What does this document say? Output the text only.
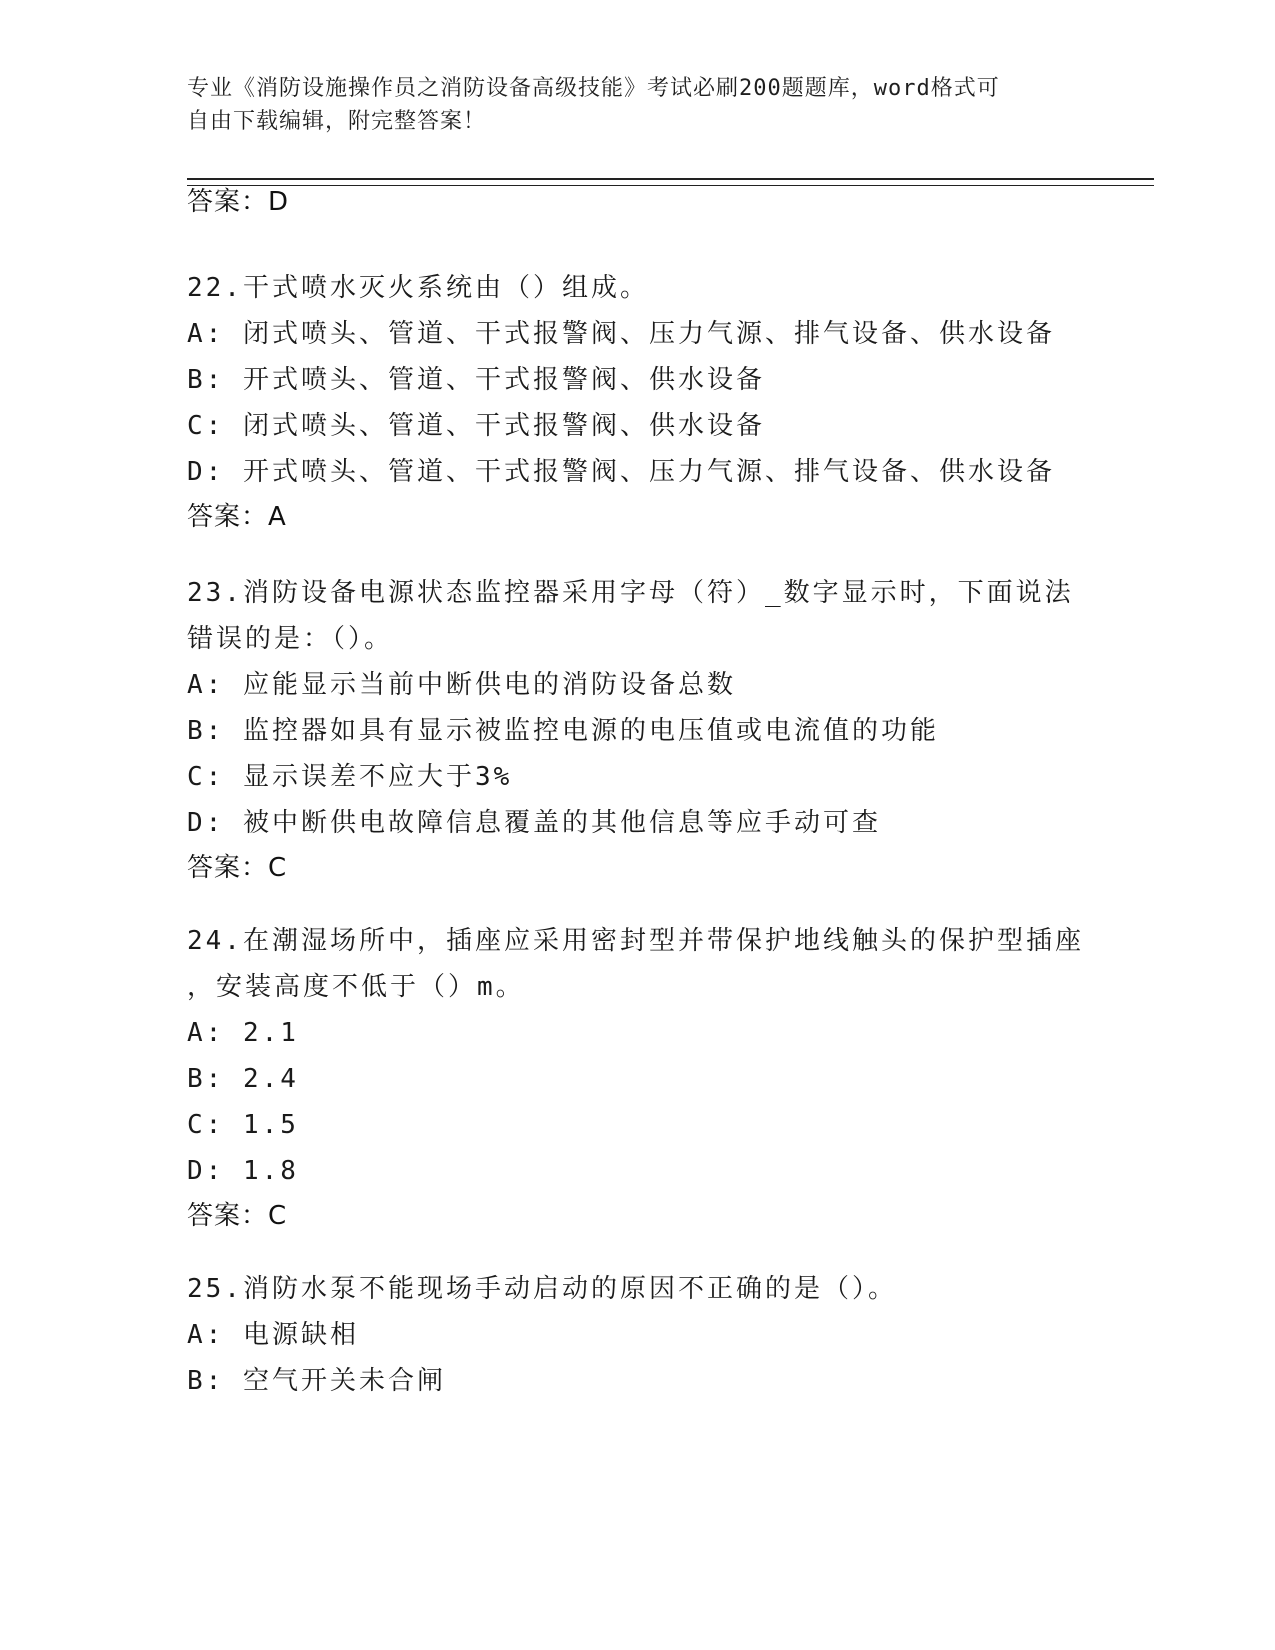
专业《消防设施操作员之消防设备高级技能》考试必刷200题题库，word格式可
自由下载编辑，附完整答案！
答案：D
22.干式喷水灭火系统由（）组成。
A: 闭式喷头、管道、干式报警阀、压力气源、排气设备、供水设备
B: 开式喷头、管道、干式报警阀、供水设备
C: 闭式喷头、管道、干式报警阀、供水设备
D: 开式喷头、管道、干式报警阀、压力气源、排气设备、供水设备
答案：A
23.消防设备电源状态监控器采用字母（符）_数字显示时，下面说法
错误的是：（）。
A: 应能显示当前中断供电的消防设备总数
B: 监控器如具有显示被监控电源的电压值或电流值的功能
C: 显示误差不应大于3%
D: 被中断供电故障信息覆盖的其他信息等应手动可查
答案：C
24.在潮湿场所中，插座应采用密封型并带保护地线触头的保护型插座
，安装高度不低于（）m。
A: 2.1
B: 2.4
C: 1.5
D: 1.8
答案：C
25.消防水泵不能现场手动启动的原因不正确的是（）。
A: 电源缺相
B: 空气开关未合闸
